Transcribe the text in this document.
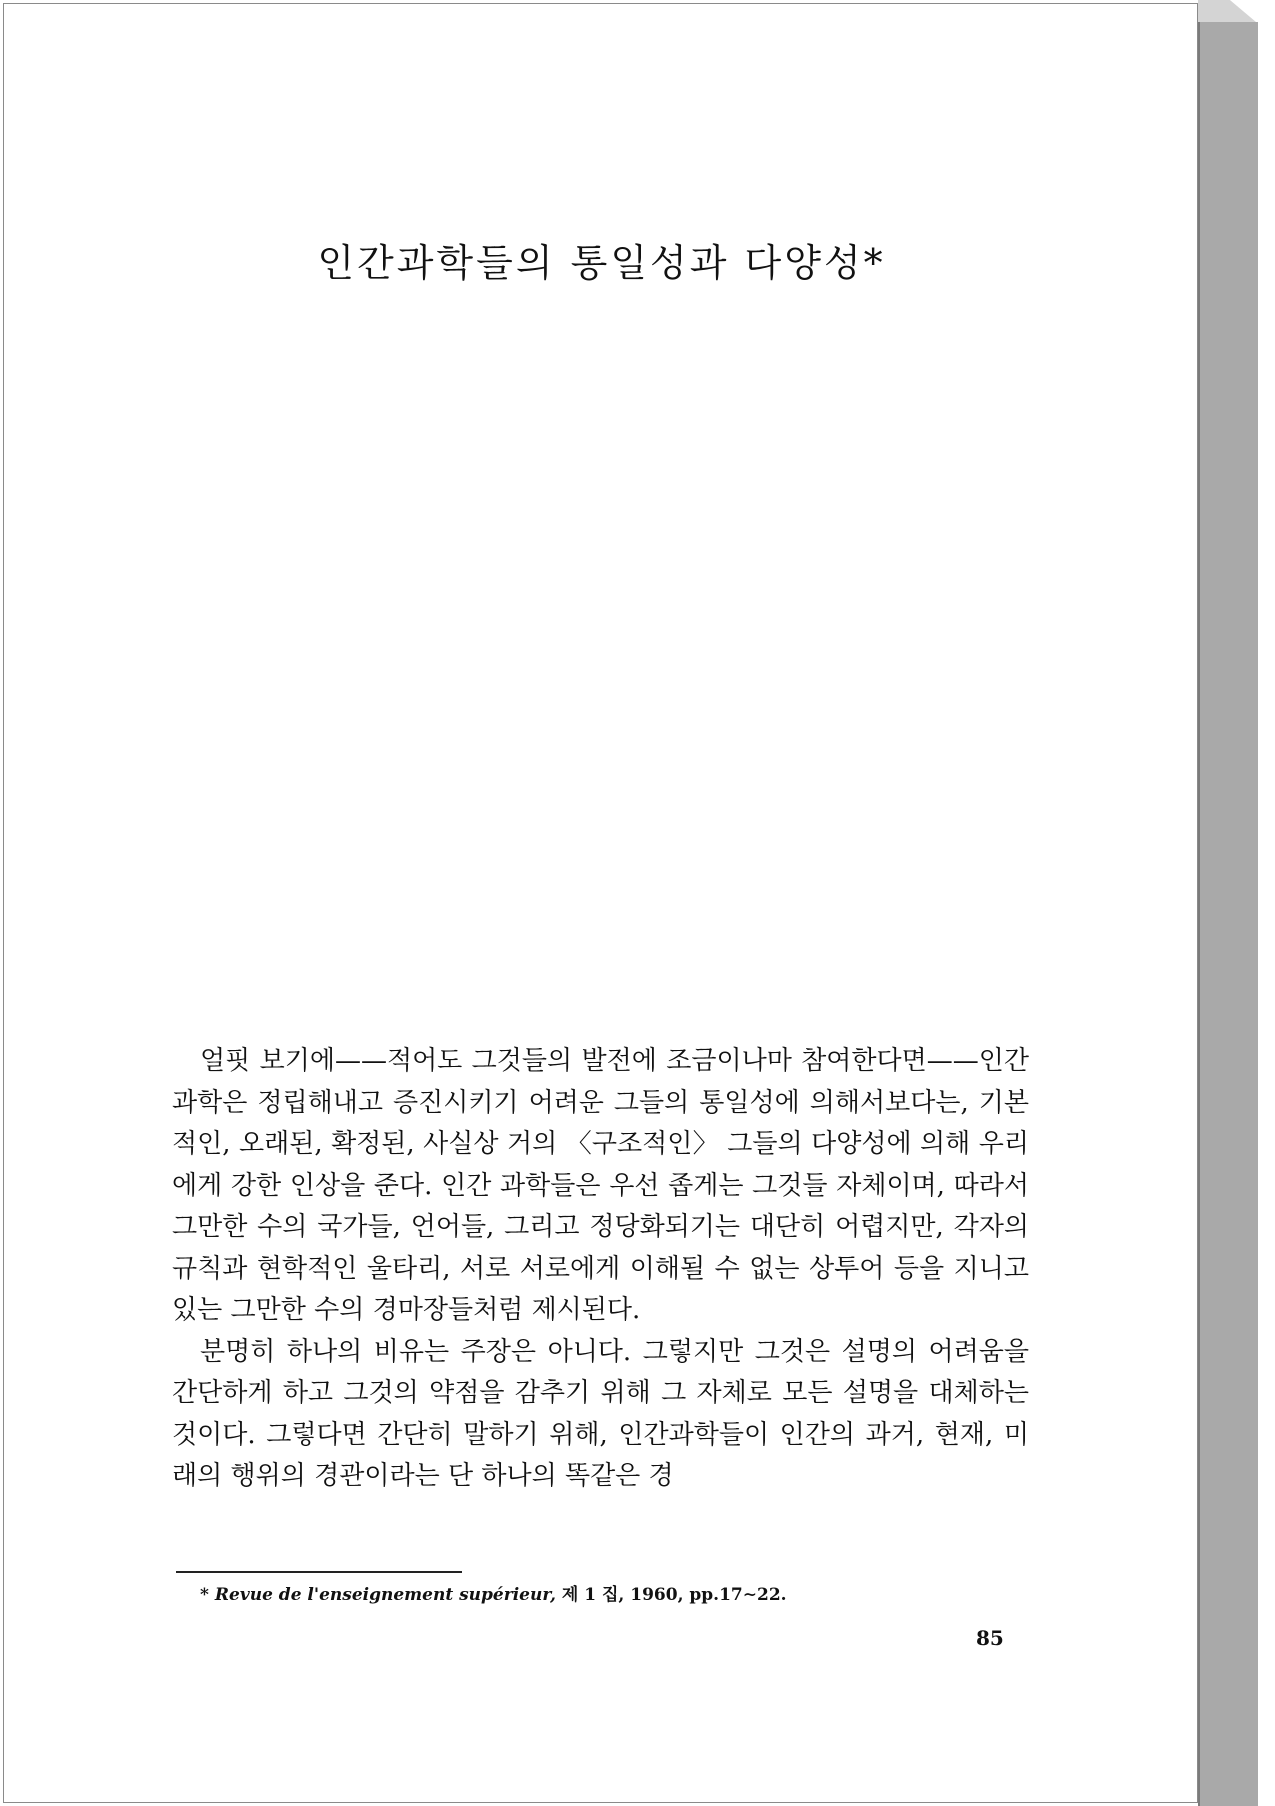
인간과학들의 통일성과 다양성*

얼핏 보기에——적어도 그것들의 발전에 조금이나마 참여한다면——인간과학은 정립해내고 증진시키기 어려운 그들의 통일성에 의해서보다는, 기본적인, 오래된, 확정된, 사실상 거의 〈구조적인〉 그들의 다양성에 의해 우리에게 강한 인상을 준다. 인간 과학들은 우선 좁게는 그것들 자체이며, 따라서 그만한 수의 국가들, 언어들, 그리고 정당화되기는 대단히 어렵지만, 각자의 규칙과 현학적인 울타리, 서로 서로에게 이해될 수 없는 상투어 등을 지니고 있는 그만한 수의 경마장들처럼 제시된다.

분명히 하나의 비유는 주장은 아니다. 그렇지만 그것은 설명의 어려움을 간단하게 하고 그것의 약점을 감추기 위해 그 자체로 모든 설명을 대체하는 것이다. 그렇다면 간단히 말하기 위해, 인간과학들이 인간의 과거, 현재, 미래의 행위의 경관이라는 단 하나의 똑같은 경

* Revue de l'enseignement supérieur, 제 1 집, 1960, pp.17∼22.
85
